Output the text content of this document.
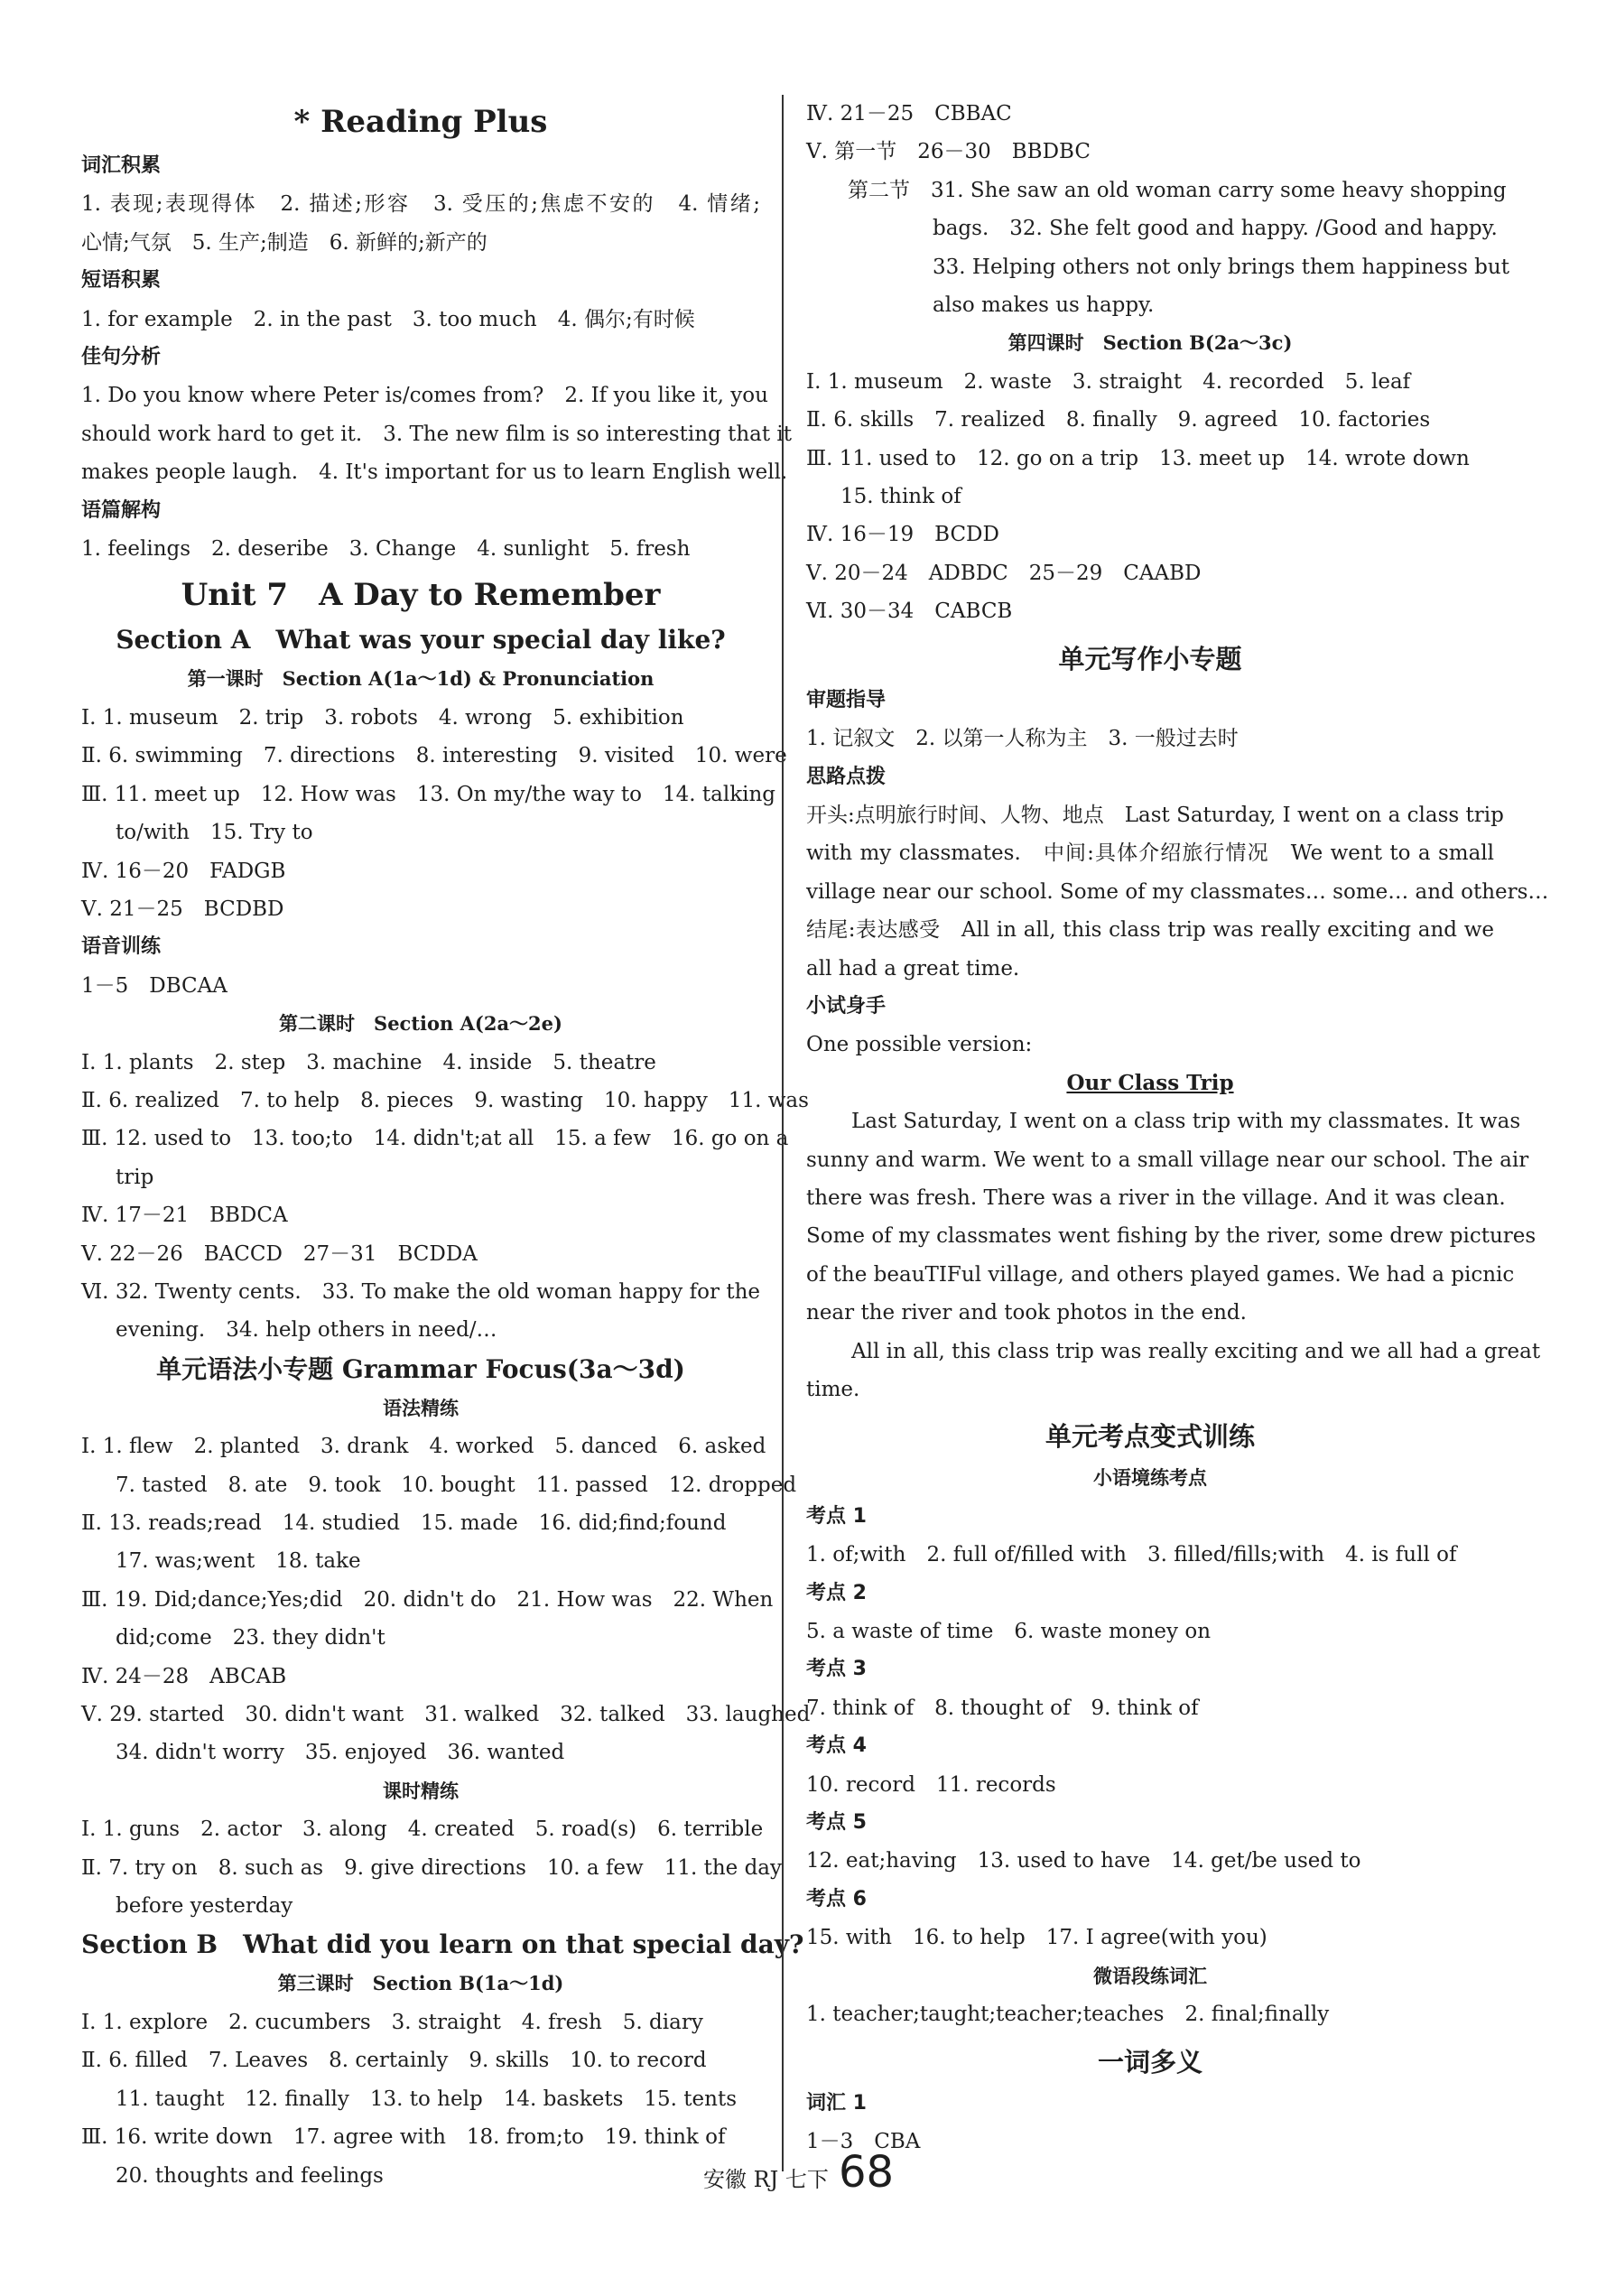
* Reading Plus
词汇积累
1. 表现;表现得体　2. 描述;形容　3. 受压的;焦虑不安的　4. 情绪;
心情;气氛　5. 生产;制造　6. 新鲜的;新产的
短语积累
1. for example　2. in the past　3. too much　4. 偶尔;有时候
佳句分析
1. Do you know where Peter is/comes from?　2. If you like it, you
should work hard to get it.　3. The new film is so interesting that it
makes people laugh.　4. It's important for us to learn English well.
语篇解构
1. feelings　2. deseribe　3. Change　4. sunlight　5. fresh
Unit 7　A Day to Remember
Section A　What was your special day like?
第一课时　Section A(1a～1d) & Pronunciation
Ⅰ. 1. museum　2. trip　3. robots　4. wrong　5. exhibition
Ⅱ. 6. swimming　7. directions　8. interesting　9. visited　10. were
Ⅲ. 11. meet up　12. How was　13. On my/the way to　14. talking
to/with　15. Try to
Ⅳ. 16－20　FADGB
Ⅴ. 21－25　BCDBD
语音训练
1－5　DBCAA
第二课时　Section A(2a～2e)
Ⅰ. 1. plants　2. step　3. machine　4. inside　5. theatre
Ⅱ. 6. realized　7. to help　8. pieces　9. wasting　10. happy　11. was
Ⅲ. 12. used to　13. too;to　14. didn't;at all　15. a few　16. go on a
trip
Ⅳ. 17－21　BBDCA
Ⅴ. 22－26　BACCD　27－31　BCDDA
Ⅵ. 32. Twenty cents.　33. To make the old woman happy for the
evening.　34. help others in need/…
单元语法小专题 Grammar Focus(3a～3d)
语法精练
Ⅰ. 1. flew　2. planted　3. drank　4. worked　5. danced　6. asked
7. tasted　8. ate　9. took　10. bought　11. passed　12. dropped
Ⅱ. 13. reads;read　14. studied　15. made　16. did;find;found
17. was;went　18. take
Ⅲ. 19. Did;dance;Yes;did　20. didn't do　21. How was　22. When
did;come　23. they didn't
Ⅳ. 24－28　ABCAB
Ⅴ. 29. started　30. didn't want　31. walked　32. talked　33. laughed
34. didn't worry　35. enjoyed　36. wanted
课时精练
Ⅰ. 1. guns　2. actor　3. along　4. created　5. road(s)　6. terrible
Ⅱ. 7. try on　8. such as　9. give directions　10. a few　11. the day
before yesterday
Section B　What did you learn on that special day?
第三课时　Section B(1a～1d)
Ⅰ. 1. explore　2. cucumbers　3. straight　4. fresh　5. diary
Ⅱ. 6. filled　7. Leaves　8. certainly　9. skills　10. to record
11. taught　12. finally　13. to help　14. baskets　15. tents
Ⅲ. 16. write down　17. agree with　18. from;to　19. think of
20. thoughts and feelings
Ⅳ. 21－25　CBBAC
Ⅴ. 第一节　26－30　BBDBC
　　第二节　31. She saw an old woman carry some heavy shopping
bags.　32. She felt good and happy. /Good and happy.
33. Helping others not only brings them happiness but
also makes us happy.
第四课时　Section B(2a～3c)
Ⅰ. 1. museum　2. waste　3. straight　4. recorded　5. leaf
Ⅱ. 6. skills　7. realized　8. finally　9. agreed　10. factories
Ⅲ. 11. used to　12. go on a trip　13. meet up　14. wrote down
15. think of
Ⅳ. 16－19　BCDD
Ⅴ. 20－24　ADBDC　25－29　CAABD
Ⅵ. 30－34　CABCB
单元写作小专题
审题指导
1. 记叙文　2. 以第一人称为主　3. 一般过去时
思路点拨
开头:点明旅行时间、人物、地点　Last Saturday, I went on a class trip
with my classmates.　中间:具体介绍旅行情况　We went to a small
village near our school. Some of my classmates… some… and others…
结尾:表达感受　All in all, this class trip was really exciting and we
all had a great time.
小试身手
One possible version:
Our Class Trip
Last Saturday, I went on a class trip with my classmates. It was
sunny and warm. We went to a small village near our school. The air
there was fresh. There was a river in the village. And it was clean.
Some of my classmates went fishing by the river, some drew pictures
of the beauTIFul village, and others played games. We had a picnic
near the river and took photos in the end.
All in all, this class trip was really exciting and we all had a great
time.
单元考点变式训练
小语境练考点
考点 1
1. of;with　2. full of/filled with　3. filled/fills;with　4. is full of
考点 2
5. a waste of time　6. waste money on
考点 3
7. think of　8. thought of　9. think of
考点 4
10. record　11. records
考点 5
12. eat;having　13. used to have　14. get/be used to
考点 6
15. with　16. to help　17. I agree(with you)
微语段练词汇
1. teacher;taught;teacher;teaches　2. final;finally
一词多义
词汇 1
1－3　CBA
安徽 RJ 七下 68
